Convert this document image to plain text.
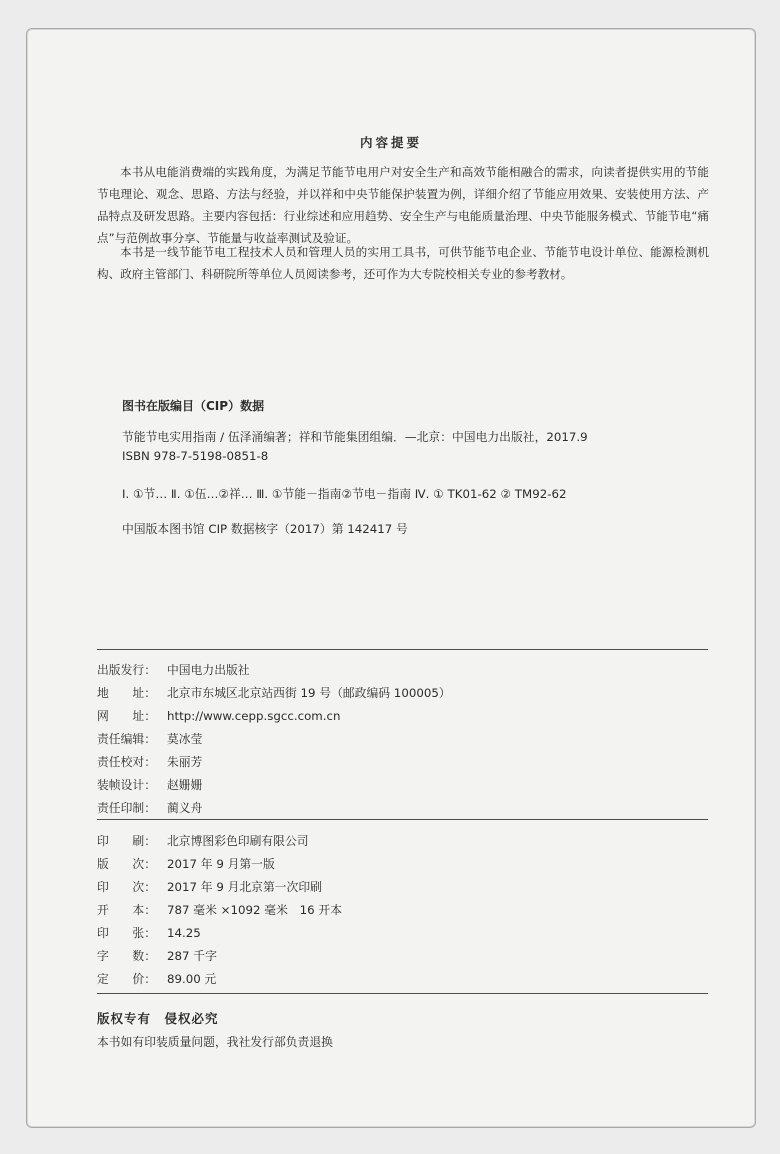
内容提要
本书从电能消费端的实践角度，为满足节能节电用户对安全生产和高效节能相融合的需求，向读者提供实用的节能节电理论、观念、思路、方法与经验，并以祥和中央节能保护装置为例，详细介绍了节能应用效果、安装使用方法、产品特点及研发思路。主要内容包括：行业综述和应用趋势、安全生产与电能质量治理、中央节能服务模式、节能节电“痛点”与范例故事分享、节能量与收益率测试及验证。
本书是一线节能节电工程技术人员和管理人员的实用工具书，可供节能节电企业、节能节电设计单位、能源检测机构、政府主管部门、科研院所等单位人员阅读参考，还可作为大专院校相关专业的参考教材。
图书在版编目（CIP）数据
节能节电实用指南 / 伍泽涌编著；祥和节能集团组编．—北京：中国电力出版社，2017.9
ISBN 978-7-5198-0851-8
Ⅰ. ①节… Ⅱ. ①伍…②祥… Ⅲ. ①节能－指南②节电－指南 Ⅳ. ① TK01-62 ② TM92-62
中国版本图书馆 CIP 数据核字（2017）第 142417 号
出版发行： 中国电力出版社
地　　址： 北京市东城区北京站西街 19 号（邮政编码 100005）
网　　址： http://www.cepp.sgcc.com.cn
责任编辑： 莫冰莹
责任校对： 朱丽芳
装帧设计： 赵姗姗
责任印制： 蔺义舟
印　　刷： 北京博图彩色印刷有限公司
版　　次： 2017 年 9 月第一版
印　　次： 2017 年 9 月北京第一次印刷
开　　本： 787 毫米 ×1092 毫米　16 开本
印　　张： 14.25
字　　数： 287 千字
定　　价： 89.00 元
版权专有　侵权必究
本书如有印装质量问题，我社发行部负责退换
